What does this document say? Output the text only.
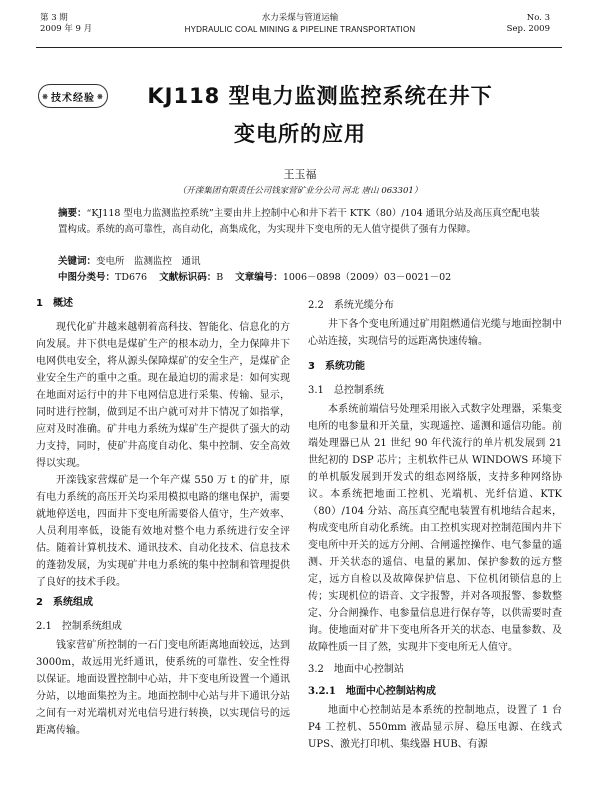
第 3 期
2009 年 9 月
水力采煤与管道运输
HYDRAULIC COAL MINING & PIPELINE TRANSPORTATION
No. 3
Sep. 2009
※ 技术经验
※	KJ118 型电力监测监控系统在井下
变电所的应用
王玉福
（开滦集团有限责任公司钱家营矿业分公司 河北 唐山 063301）
摘要：“KJ118 型电力监测监控系统”主要由井上控制中心和井下若干 KTK（80）/104 通讯分站及高压真空配电装置构成。系统的高可靠性，高自动化，高集成化，为实现井下变电所的无人值守提供了强有力保障。
关键词：变电所　监测监控　通讯
中图分类号：TD676 文献标识码：B 文章编号：1006－0898（2009）03－0021－02
1　概述

现代化矿井越来越朝着高科技、智能化、信息化的方向发展。井下供电是煤矿生产的根本动力，全力保障井下电网供电安全，将从源头保障煤矿的安全生产，是煤矿企业安全生产的重中之重。现在最迫切的需求是：如何实现在地面对运行中的井下电网信息进行采集、传输、显示，同时进行控制，做到足不出户就可对井下情况了如指掌，应对及时准确。矿井电力系统为煤矿生产提供了强大的动力支持，同时，使矿井高度自动化、集中控制、安全高效得以实现。

开滦钱家营煤矿是一个年产煤 550 万 t 的矿井，原有电力系统的高压开关均采用模拟电路的继电保护，需要就地停送电，四面井下变电所需要俗人值守，生产效率、人员利用率低，设能有效地对整个电力系统进行安全评估。随着计算机技术、通讯技术、自动化技术、信息技术的蓬勃发展，为实现矿井电力系统的集中控制和管理提供了良好的技术手段。

2　系统组成
2.1　控制系统组成

钱家营矿所控制的一石门变电所距离地面较远，达到 3000m，故远用光纤通讯，使系统的可靠性、安全性得以保证。地面设置控制中心站，井下变电所设置一个通讯分站，以地面集控为主。地面控制中心站与井下通讯分站之间有一对光端机对光电信号进行转换，以实现信号的远距离传输。

2.2　系统光缆分布

井下各个变电所通过矿用阻燃通信光缆与地面控制中心站连接，实现信号的远距离快速传输。

3　系统功能
3.1　总控制系统

本系统前端信号处理采用嵌入式数字处理器，采集变电所的电参量和开关量，实现遥控、遥测和遥信功能。前端处理器已从 21 世纪 90 年代流行的单片机发展到 21 世纪初的 DSP 芯片；主机软件已从 WINDOWS 环境下的单机版发展到开发式的组态网络版，支持多种网络协议。本系统把地面工控机、光端机、光纤信道、KTK（80）/104 分站、高压真空配电装置有机地结合起来，构成变电所自动化系统。由工控机实现对控制范围内井下变电所中开关的远方分闸、合闸遥控操作、电气参量的遥测、开关状态的遥信、电量的累加、保护参数的远方整定，远方自检以及故障保护信息、下位机闭锁信息的上传；实现机位的语音、文字报警，并对各项报警、参数整定、分合闸操作、电参量信息进行保存等，以供需要时查询。使地面对矿井下变电所各开关的状态、电量参数、及故障性质一目了然，实现井下变电所无人值守。

3.2　地面中心控制站
3.2.1　地面中心控制站构成

地面中心控制站是本系统的控制地点，设置了 1 台 P4 工控机、550mm 液晶显示屏、稳压电源、在线式 UPS、激光打印机、集线器 HUB、有源
